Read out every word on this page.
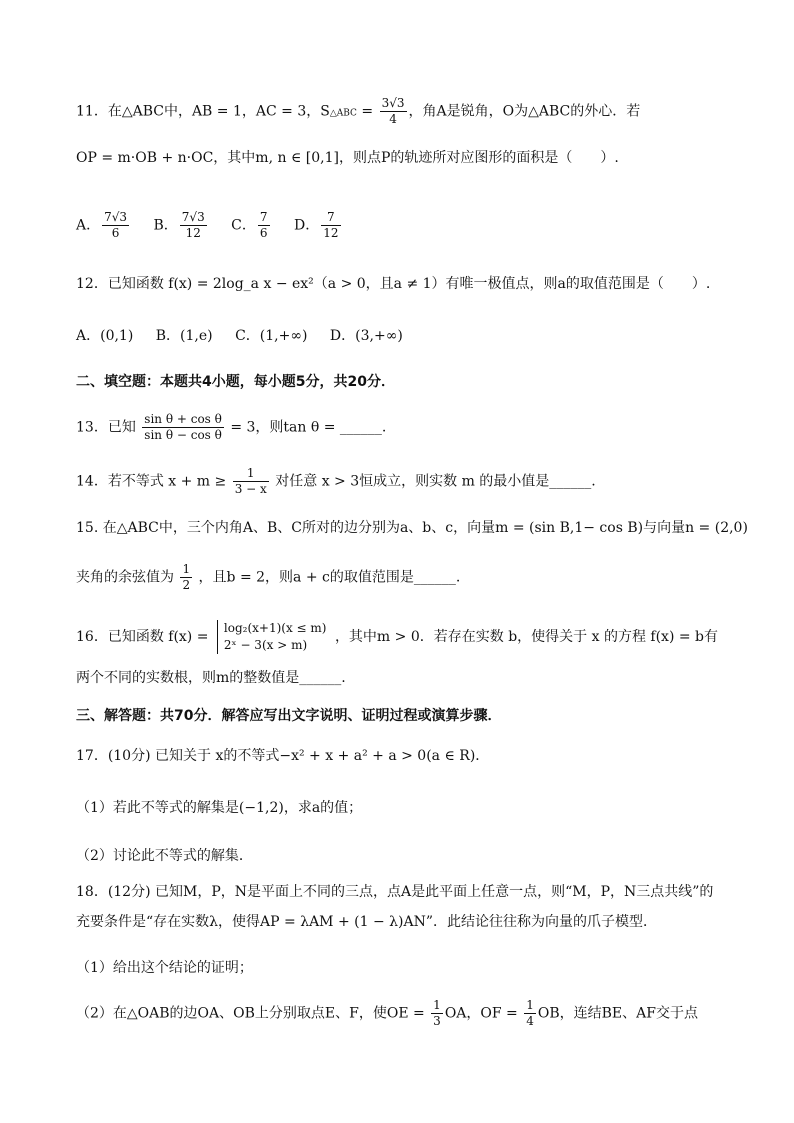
11．在△ABC中，AB = 1，AC = 3，S△ABC = $\frac{3√3}{4}$ ，角A是锐角，O为△ABC的外心．若
OP = m·OB + n·OC，其中m, n ∈ [0,1]，则点P的轨迹所对应图形的面积是（　　）.
A． $\frac{7√3}{6}$ B． $\frac{7√3}{12}$ C． $\frac{7}{6}$ D． $\frac{7}{12}$
12．已知函数 f(x) = 2log_a x − ex²（a > 0，且a ≠ 1）有唯一极值点，则a的取值范围是（　　）.
A．(0,1) B．(1,e) C．(1,+∞) D．(3,+∞)
二、填空题：本题共4小题，每小题5分，共20分．
13．已知 $\frac{\text{sin θ + cos θ}}{\text{sin θ − cos θ}} = 3$，则tan θ = ______.
14．若不等式 $x + m \ge \frac{1}{3 - x}$ 对任意 x > 3恒成立，则实数 m 的最小值是______.
15. 在△ABC中，三个内角A、B、C所对的边分别为a、b、c，向量m = (sin B,1− cos B)与向量n = (2,0)
夹角的余弦值为 $\frac{1}{2}$ ，且b = 2，则a + c的取值范围是______.
16．已知函数 f(x) =
log₂(x+1)(x ≤ m)
2ˣ − 3(x > m)	，其中m > 0．若存在实数 b，使得关于 x 的方程 f(x) = b有
两个不同的实数根，则m的整数值是______.
三、解答题：共70分．解答应写出文字说明、证明过程或演算步骤．
17．(10分) 已知关于 x的不等式−x² + x + a² + a > 0(a ∈ R)．
（1）若此不等式的解集是(−1,2)，求a的值；
（2）讨论此不等式的解集．
18．(12分) 已知M，P，N是平面上不同的三点，点A是此平面上任意一点，则“M，P，N三点共线”的
充要条件是“存在实数λ，使得AP = λAM + (1 − λ)AN”．此结论往往称为向量的爪子模型．
（1）给出这个结论的证明；
（2）在△OAB的边OA、OB上分别取点E、F，使OE = $\frac{1}{3}$ OA，OF = $\frac{1}{4}$ OB，连结BE、AF交于点
